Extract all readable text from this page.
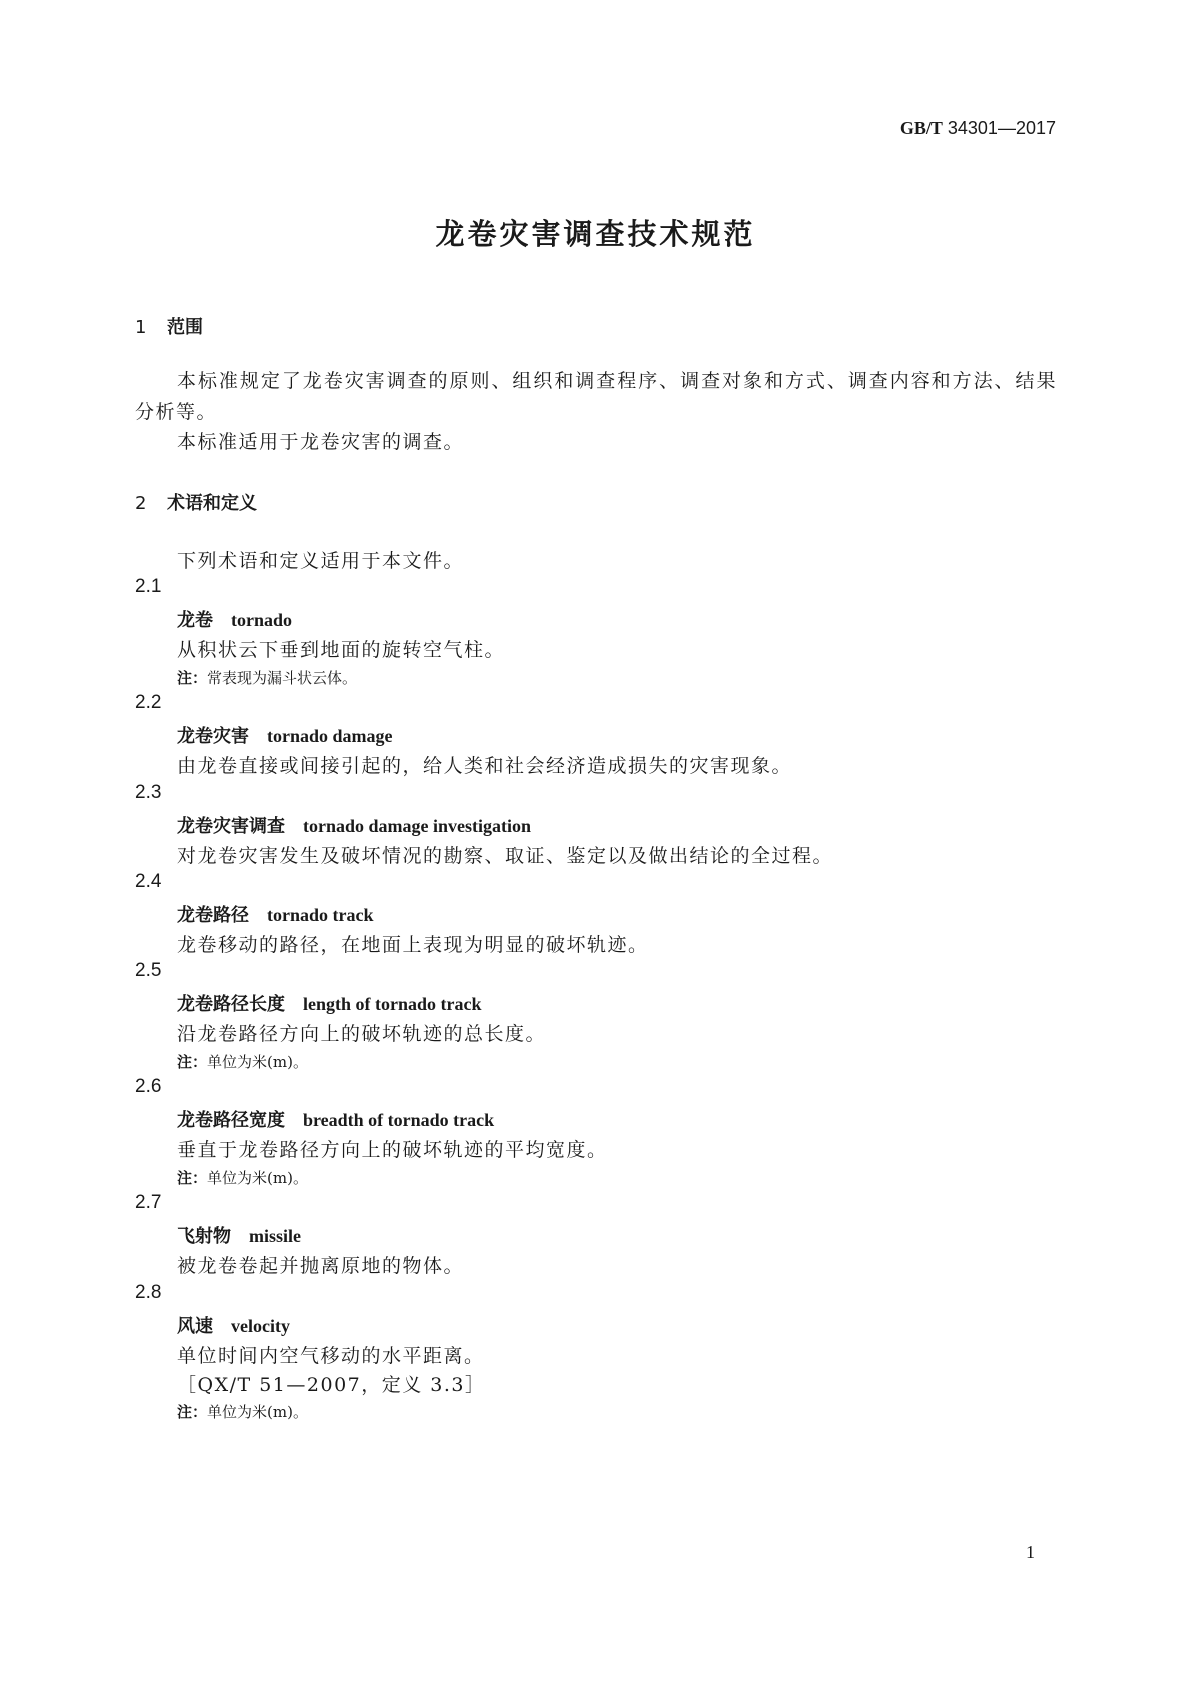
GB/T 34301—2017
龙卷灾害调查技术规范
1 范围
本标准规定了龙卷灾害调查的原则、组织和调查程序、调查对象和方式、调查内容和方法、结果分析等。
本标准适用于龙卷灾害的调查。
2 术语和定义
下列术语和定义适用于本文件。
2.1
龙卷 tornado
从积状云下垂到地面的旋转空气柱。
注：常表现为漏斗状云体。
2.2
龙卷灾害 tornado damage
由龙卷直接或间接引起的，给人类和社会经济造成损失的灾害现象。
2.3
龙卷灾害调查 tornado damage investigation
对龙卷灾害发生及破坏情况的勘察、取证、鉴定以及做出结论的全过程。
2.4
龙卷路径 tornado track
龙卷移动的路径，在地面上表现为明显的破坏轨迹。
2.5
龙卷路径长度 length of tornado track
沿龙卷路径方向上的破坏轨迹的总长度。
注：单位为米(m)。
2.6
龙卷路径宽度 breadth of tornado track
垂直于龙卷路径方向上的破坏轨迹的平均宽度。
注：单位为米(m)。
2.7
飞射物 missile
被龙卷卷起并抛离原地的物体。
2.8
风速 velocity
单位时间内空气移动的水平距离。
［QX/T 51—2007，定义 3.3］
注：单位为米(m)。
1
